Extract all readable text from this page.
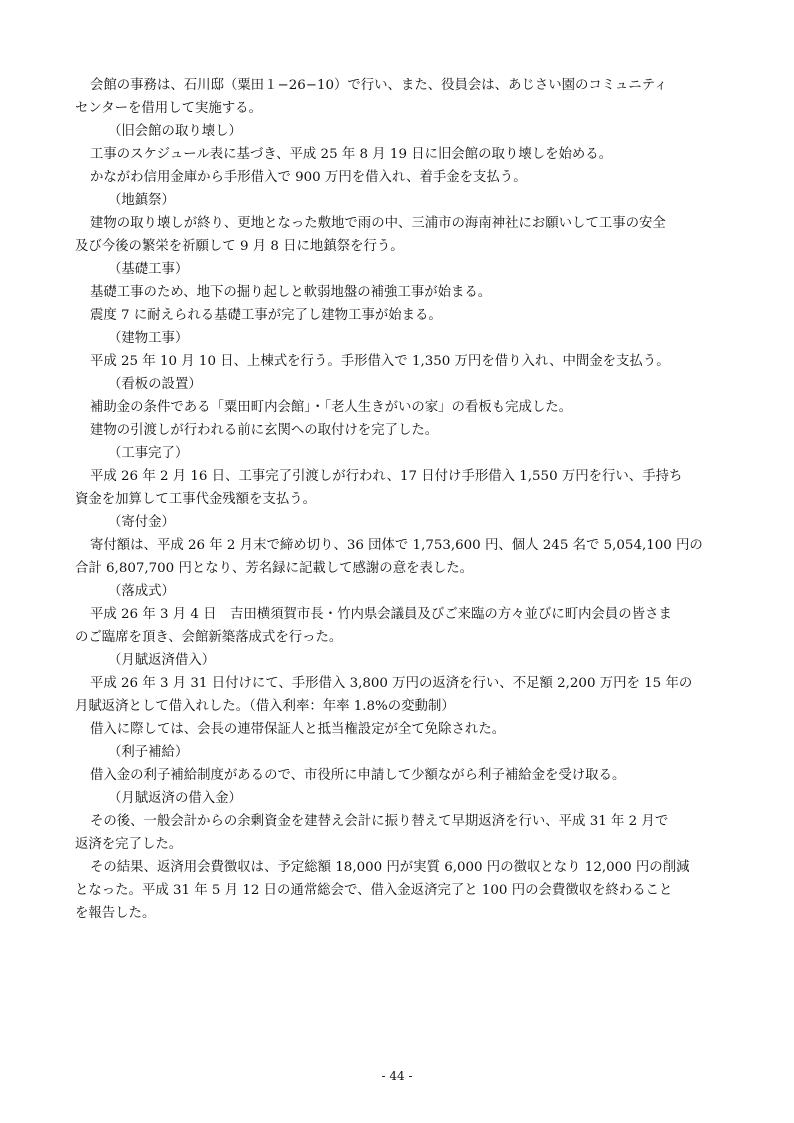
会館の事務は、石川邸（粟田１−26−10）で行い、また、役員会は、あじさい園のコミュニティ
センターを借用して実施する。
（旧会館の取り壊し）
工事のスケジュール表に基づき、平成 25 年 8 月 19 日に旧会館の取り壊しを始める。
かながわ信用金庫から手形借入で 900 万円を借入れ、着手金を支払う。
（地鎮祭）
建物の取り壊しが終り、更地となった敷地で雨の中、三浦市の海南神社にお願いして工事の安全
及び今後の繁栄を祈願して 9 月 8 日に地鎮祭を行う。
（基礎工事）
基礎工事のため、地下の掘り起しと軟弱地盤の補強工事が始まる。
震度 7 に耐えられる基礎工事が完了し建物工事が始まる。
（建物工事）
平成 25 年 10 月 10 日、上棟式を行う。手形借入で 1,350 万円を借り入れ、中間金を支払う。
（看板の設置）
補助金の条件である「粟田町内会館」・「老人生きがいの家」の看板も完成した。
建物の引渡しが行われる前に玄関への取付けを完了した。
（工事完了）
平成 26 年 2 月 16 日、工事完了引渡しが行われ、17 日付け手形借入 1,550 万円を行い、手持ち
資金を加算して工事代金残額を支払う。
（寄付金）
寄付額は、平成 26 年 2 月末で締め切り、36 団体で 1,753,600 円、個人 245 名で 5,054,100 円の
合計 6,807,700 円となり、芳名録に記載して感謝の意を表した。
（落成式）
平成 26 年 3 月 4 日　吉田横須賀市長・竹内県会議員及びご来臨の方々並びに町内会員の皆さま
のご臨席を頂き、会館新築落成式を行った。
（月賦返済借入）
平成 26 年 3 月 31 日付けにて、手形借入 3,800 万円の返済を行い、不足額 2,200 万円を 15 年の
月賦返済として借入れした。（借入利率：年率 1.8%の変動制）
借入に際しては、会長の連帯保証人と抵当権設定が全て免除された。
（利子補給）
借入金の利子補給制度があるので、市役所に申請して少額ながら利子補給金を受け取る。
（月賦返済の借入金）
その後、一般会計からの余剰資金を建替え会計に振り替えて早期返済を行い、平成 31 年 2 月で
返済を完了した。
その結果、返済用会費徴収は、予定総額 18,000 円が実質 6,000 円の徴収となり 12,000 円の削減
となった。平成 31 年 5 月 12 日の通常総会で、借入金返済完了と 100 円の会費徴収を終わること
を報告した。
- 44 -
